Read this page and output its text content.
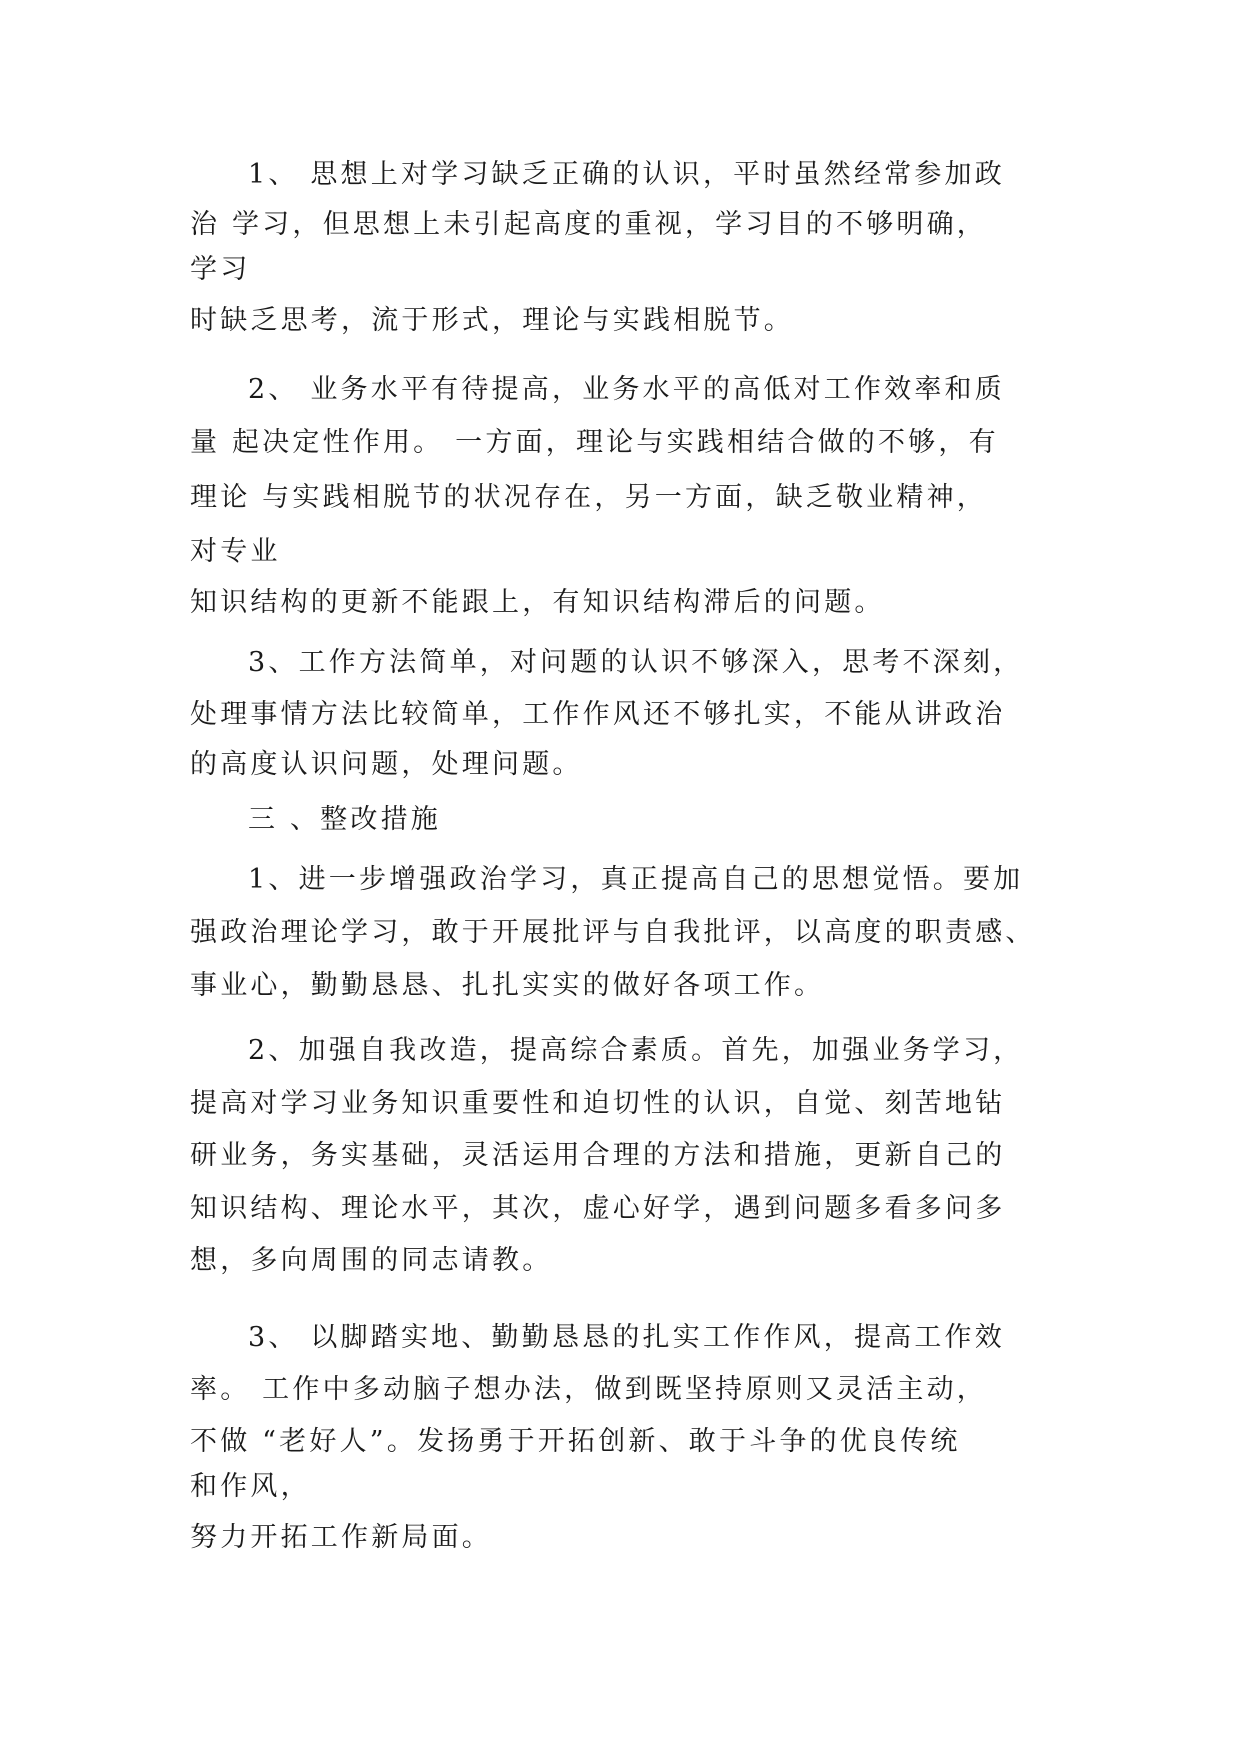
1、 思想上对学习缺乏正确的认识，平时虽然经常参加政
治 学习，但思想上未引起高度的重视，学习目的不够明确，
学习
时缺乏思考，流于形式，理论与实践相脱节。
2、 业务水平有待提高，业务水平的高低对工作效率和质
量 起决定性作用。 一方面，理论与实践相结合做的不够，有
理论 与实践相脱节的状况存在，另一方面，缺乏敬业精神，
对专业
知识结构的更新不能跟上，有知识结构滞后的问题。
3、工作方法简单，对问题的认识不够深入，思考不深刻，
处理事情方法比较简单，工作作风还不够扎实，不能从讲政治
的高度认识问题，处理问题。
三 、整改措施
1、进一步增强政治学习，真正提高自己的思想觉悟。要加
强政治理论学习，敢于开展批评与自我批评，以高度的职责感、
事业心，勤勤恳恳、扎扎实实的做好各项工作。
2、加强自我改造，提高综合素质。首先，加强业务学习，
提高对学习业务知识重要性和迫切性的认识，自觉、刻苦地钻
研业务，务实基础，灵活运用合理的方法和措施，更新自己的
知识结构、理论水平，其次，虚心好学，遇到问题多看多问多
想，多向周围的同志请教。
3、 以脚踏实地、勤勤恳恳的扎实工作作风，提高工作效
率。 工作中多动脑子想办法，做到既坚持原则又灵活主动，
不做 “老好人”。发扬勇于开拓创新、敢于斗争的优良传统
和作风，
努力开拓工作新局面。
